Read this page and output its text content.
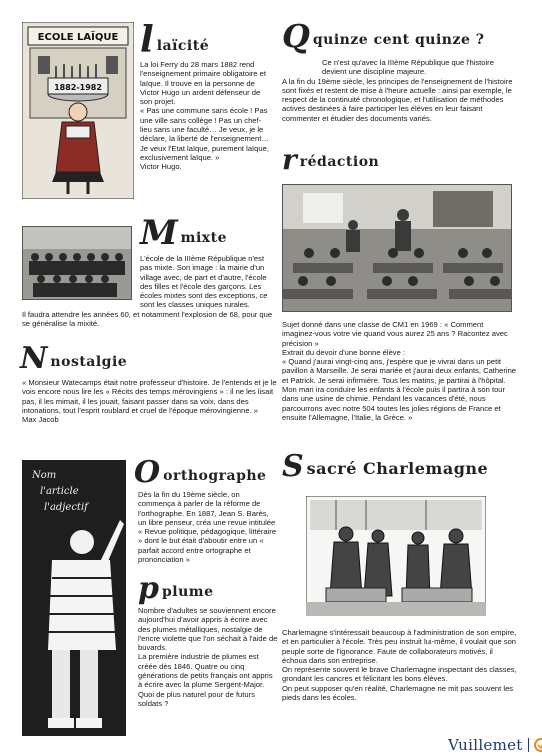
ECOLE LAÏQUE
1882-1982
l laïcité

La loi Ferry du 28 mars 1882 rend l'enseignement primaire obligatoire et laïque. Il trouve en la personne de Victor Hugo un ardent défenseur de son projet.

« Pas une commune sans école ! Pas une ville sans collège ! Pas un chef-lieu sans une faculté… Je veux, je le déclare, la liberté de l'enseignement… Je veux l'Etat laïque, purement laïque, exclusivement laïque. »

Victor Hugo.

M mixte

L'école de la IIIème République n'est pas mixte. Son image : la mairie d'un village avec, de part et d'autre, l'école des filles et l'école des garçons. Les écoles mixtes sont des exceptions, ce sont les classes uniques rurales.

Il faudra attendre les années 60, et notamment l'explosion de 68, pour que se généralise la mixité.

N nostalgie

« Monsieur Watecamps était notre professeur d'histoire. Je l'entends et je le vois encore nous lire les « Récits des temps mérovingiens » : il ne les lisait pas, il les mimait, il les jouait, faisant passer dans sa voix, dans des intonations, tout l'esprit roublard et cruel de l'époque mérovingienne. »

Max Jacob

Nom
l'article
l'adjectif
O orthographe

Dès la fin du 19ème siècle, on commença à parler de la réforme de l'orthographe. En 1887, Jean S. Barès, un libre penseur, créa une revue intitulée « Revue politique, pédagogique, littéraire » dont le but était d'aboutir entre un « parfait accord entre ortographe et prononciation »

p plume

Nombre d'adultes se souviennent encore aujourd'hui d'avoir appris à écrire avec des plumes métalliques, nostalgie de l'encre violette que l'on séchait à l'aide de buvards.

La première industrie de plumes est créée dès 1846. Quatre ou cinq générations de petits français ont appris à écrire avec la plume Sergent-Major. Quoi de plus naturel pour de futurs soldats ?

Q quinze cent quinze ?

Ce n'est qu'avec la IIIème République que l'histoire devient une discipline majeure.

A la fin du 19ème siècle, les principes de l'enseignement de l'histoire sont fixés et restent de mise à l'heure actuelle : ainsi par exemple, le respect de la continuité chronologique, et l'utilisation de méthodes actives destinées à faire participer les élèves en leur faisant commenter et étudier des documents variés.

r rédaction

Sujet donné dans une classe de CM1 en 1969 : « Comment imaginez-vous votre vie quand vous aurez 25 ans ? Racontez avec précision »

Extrait du devoir d'une bonne élève :

« Quand j'aurai vingt-cinq ans, j'espère que je vivrai dans un petit pavillon à Marseille. Je serai mariée et j'aurai deux enfants, Catherine et Patrick. Je serai infirmière. Tous les matins, je partirai à l'hôpital. Mon mari ira conduire les enfants à l'école puis il partira à son tour dans une usine de chimie. Pendant les vacances d'été, nous parcourrons avec notre 504 toutes les jolies régions de France et ensuite l'Allemagne, l'Italie, la Grèce. »

S sacré Charlemagne

Charlemagne s'intéressait beaucoup à l'administration de son empire, et en particulier à l'école. Très peu instruit lui-même, il voulait que son peuple sorte de l'ignorance. Faute de collaborateurs motivés, il échoua dans son entreprise.

On représente souvent le brave Charlemagne inspectant des classes, grondant les cancres et félicitant les bons élèves.

On peut supposer qu'en réalité, Charlemagne ne mit pas souvent les pieds dans les écoles.

Vuillemet
